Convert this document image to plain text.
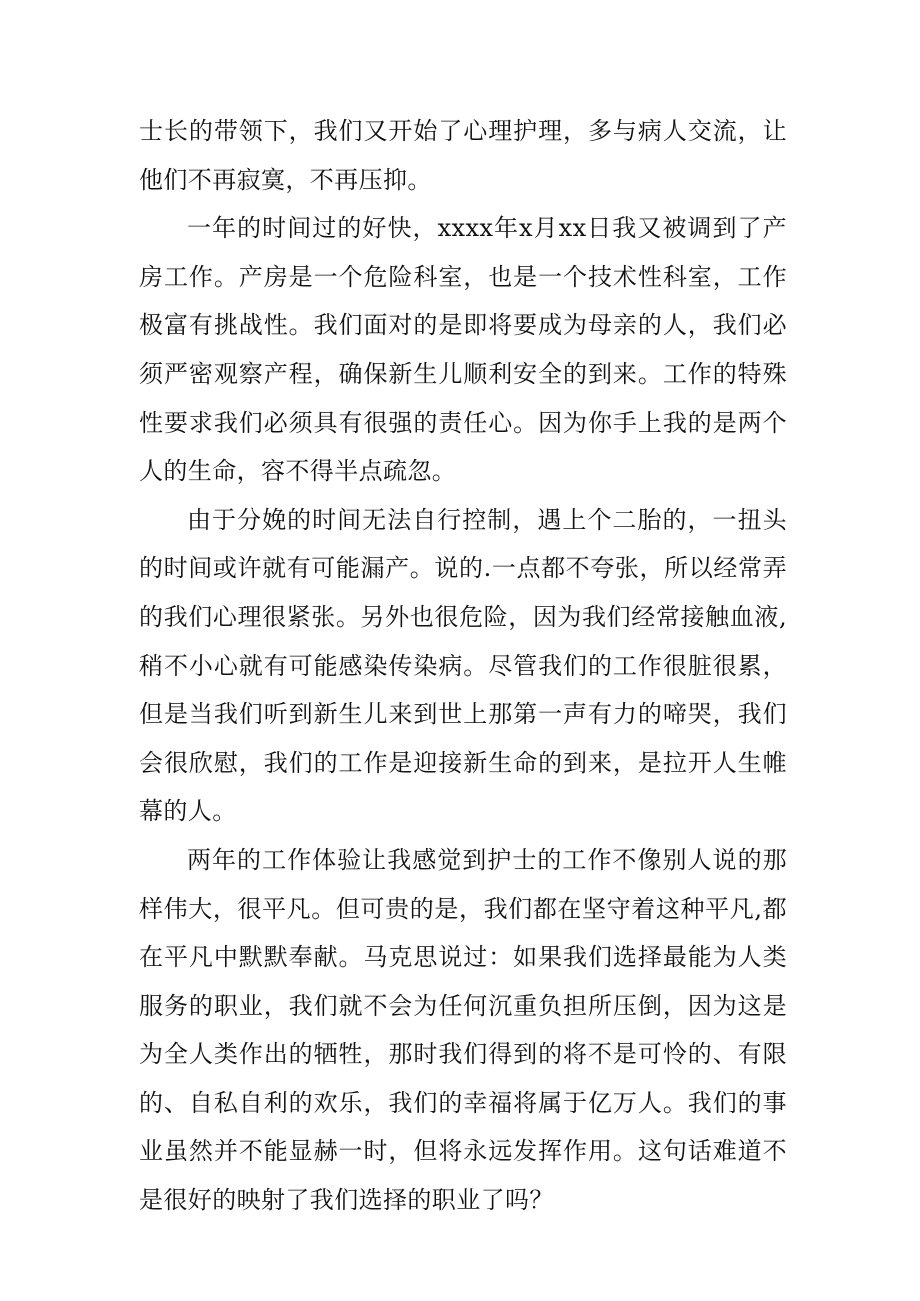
士长的带领下，我们又开始了心理护理，多与病人交流，让他们不再寂寞，不再压抑。

一年的时间过的好快，xxxx年x月xx日我又被调到了产房工作。产房是一个危险科室，也是一个技术性科室，工作极富有挑战性。我们面对的是即将要成为母亲的人，我们必须严密观察产程，确保新生儿顺利安全的到来。工作的特殊性要求我们必须具有很强的责任心。因为你手上我的是两个人的生命，容不得半点疏忽。

由于分娩的时间无法自行控制，遇上个二胎的，一扭头的时间或许就有可能漏产。说的.一点都不夸张，所以经常弄的我们心理很紧张。另外也很危险，因为我们经常接触血液,稍不小心就有可能感染传染病。尽管我们的工作很脏很累，但是当我们听到新生儿来到世上那第一声有力的啼哭，我们会很欣慰，我们的工作是迎接新生命的到来，是拉开人生帷幕的人。

两年的工作体验让我感觉到护士的工作不像别人说的那样伟大，很平凡。但可贵的是，我们都在坚守着这种平凡,都在平凡中默默奉献。马克思说过：如果我们选择最能为人类服务的职业，我们就不会为任何沉重负担所压倒，因为这是为全人类作出的牺牲，那时我们得到的将不是可怜的、有限的、自私自利的欢乐，我们的幸福将属于亿万人。我们的事业虽然并不能显赫一时，但将永远发挥作用。这句话难道不是很好的映射了我们选择的职业了吗？
